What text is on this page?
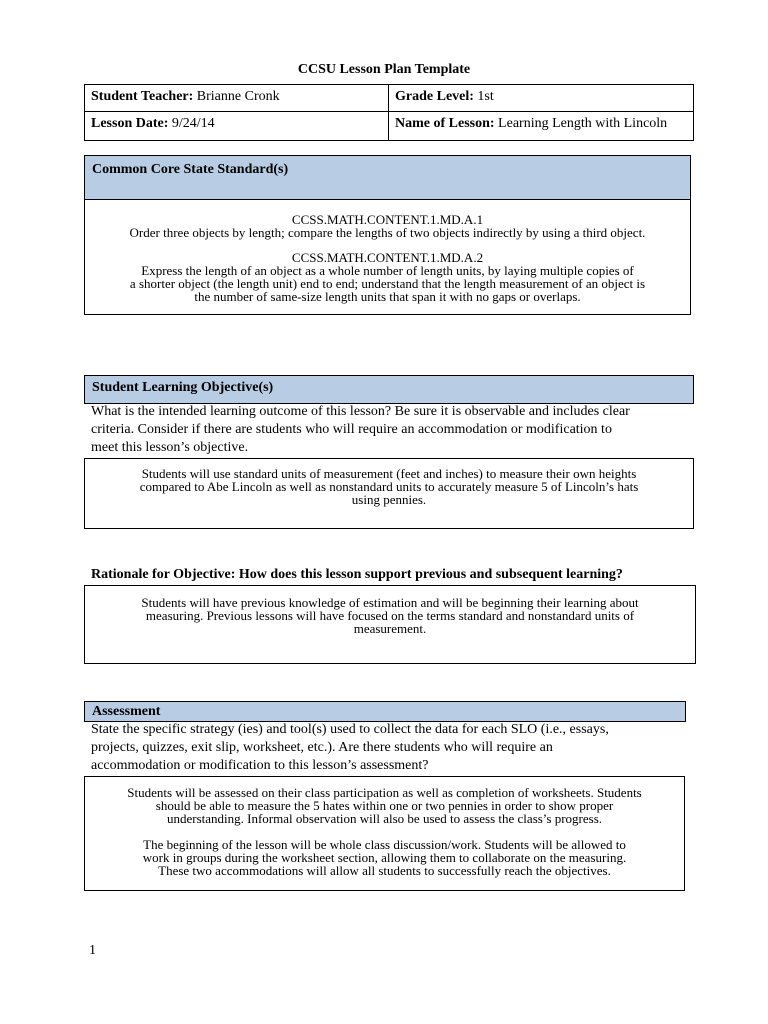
CCSU Lesson Plan Template
Student Teacher: Brianne Cronk	Grade Level: 1st
Lesson Date: 9/24/14	Name of Lesson: Learning Length with Lincoln
Common Core State Standard(s)
CCSS.MATH.CONTENT.1.MD.A.1
Order three objects by length; compare the lengths of two objects indirectly by using a third object.
CCSS.MATH.CONTENT.1.MD.A.2
Express the length of an object as a whole number of length units, by laying multiple copies of
a shorter object (the length unit) end to end; understand that the length measurement of an object is
the number of same-size length units that span it with no gaps or overlaps.
Student Learning Objective(s)
What is the intended learning outcome of this lesson? Be sure it is observable and includes clear
criteria. Consider if there are students who will require an accommodation or modification to
meet this lesson’s objective.
Students will use standard units of measurement (feet and inches) to measure their own heights
compared to Abe Lincoln as well as nonstandard units to accurately measure 5 of Lincoln’s hats
using pennies.
Rationale for Objective: How does this lesson support previous and subsequent learning?
Students will have previous knowledge of estimation and will be beginning their learning about
measuring. Previous lessons will have focused on the terms standard and nonstandard units of
measurement.
Assessment
State the specific strategy (ies) and tool(s) used to collect the data for each SLO (i.e., essays,
projects, quizzes, exit slip, worksheet, etc.). Are there students who will require an
accommodation or modification to this lesson’s assessment?
Students will be assessed on their class participation as well as completion of worksheets. Students
should be able to measure the 5 hates within one or two pennies in order to show proper
understanding. Informal observation will also be used to assess the class’s progress.
The beginning of the lesson will be whole class discussion/work. Students will be allowed to
work in groups during the worksheet section, allowing them to collaborate on the measuring.
These two accommodations will allow all students to successfully reach the objectives.
1
